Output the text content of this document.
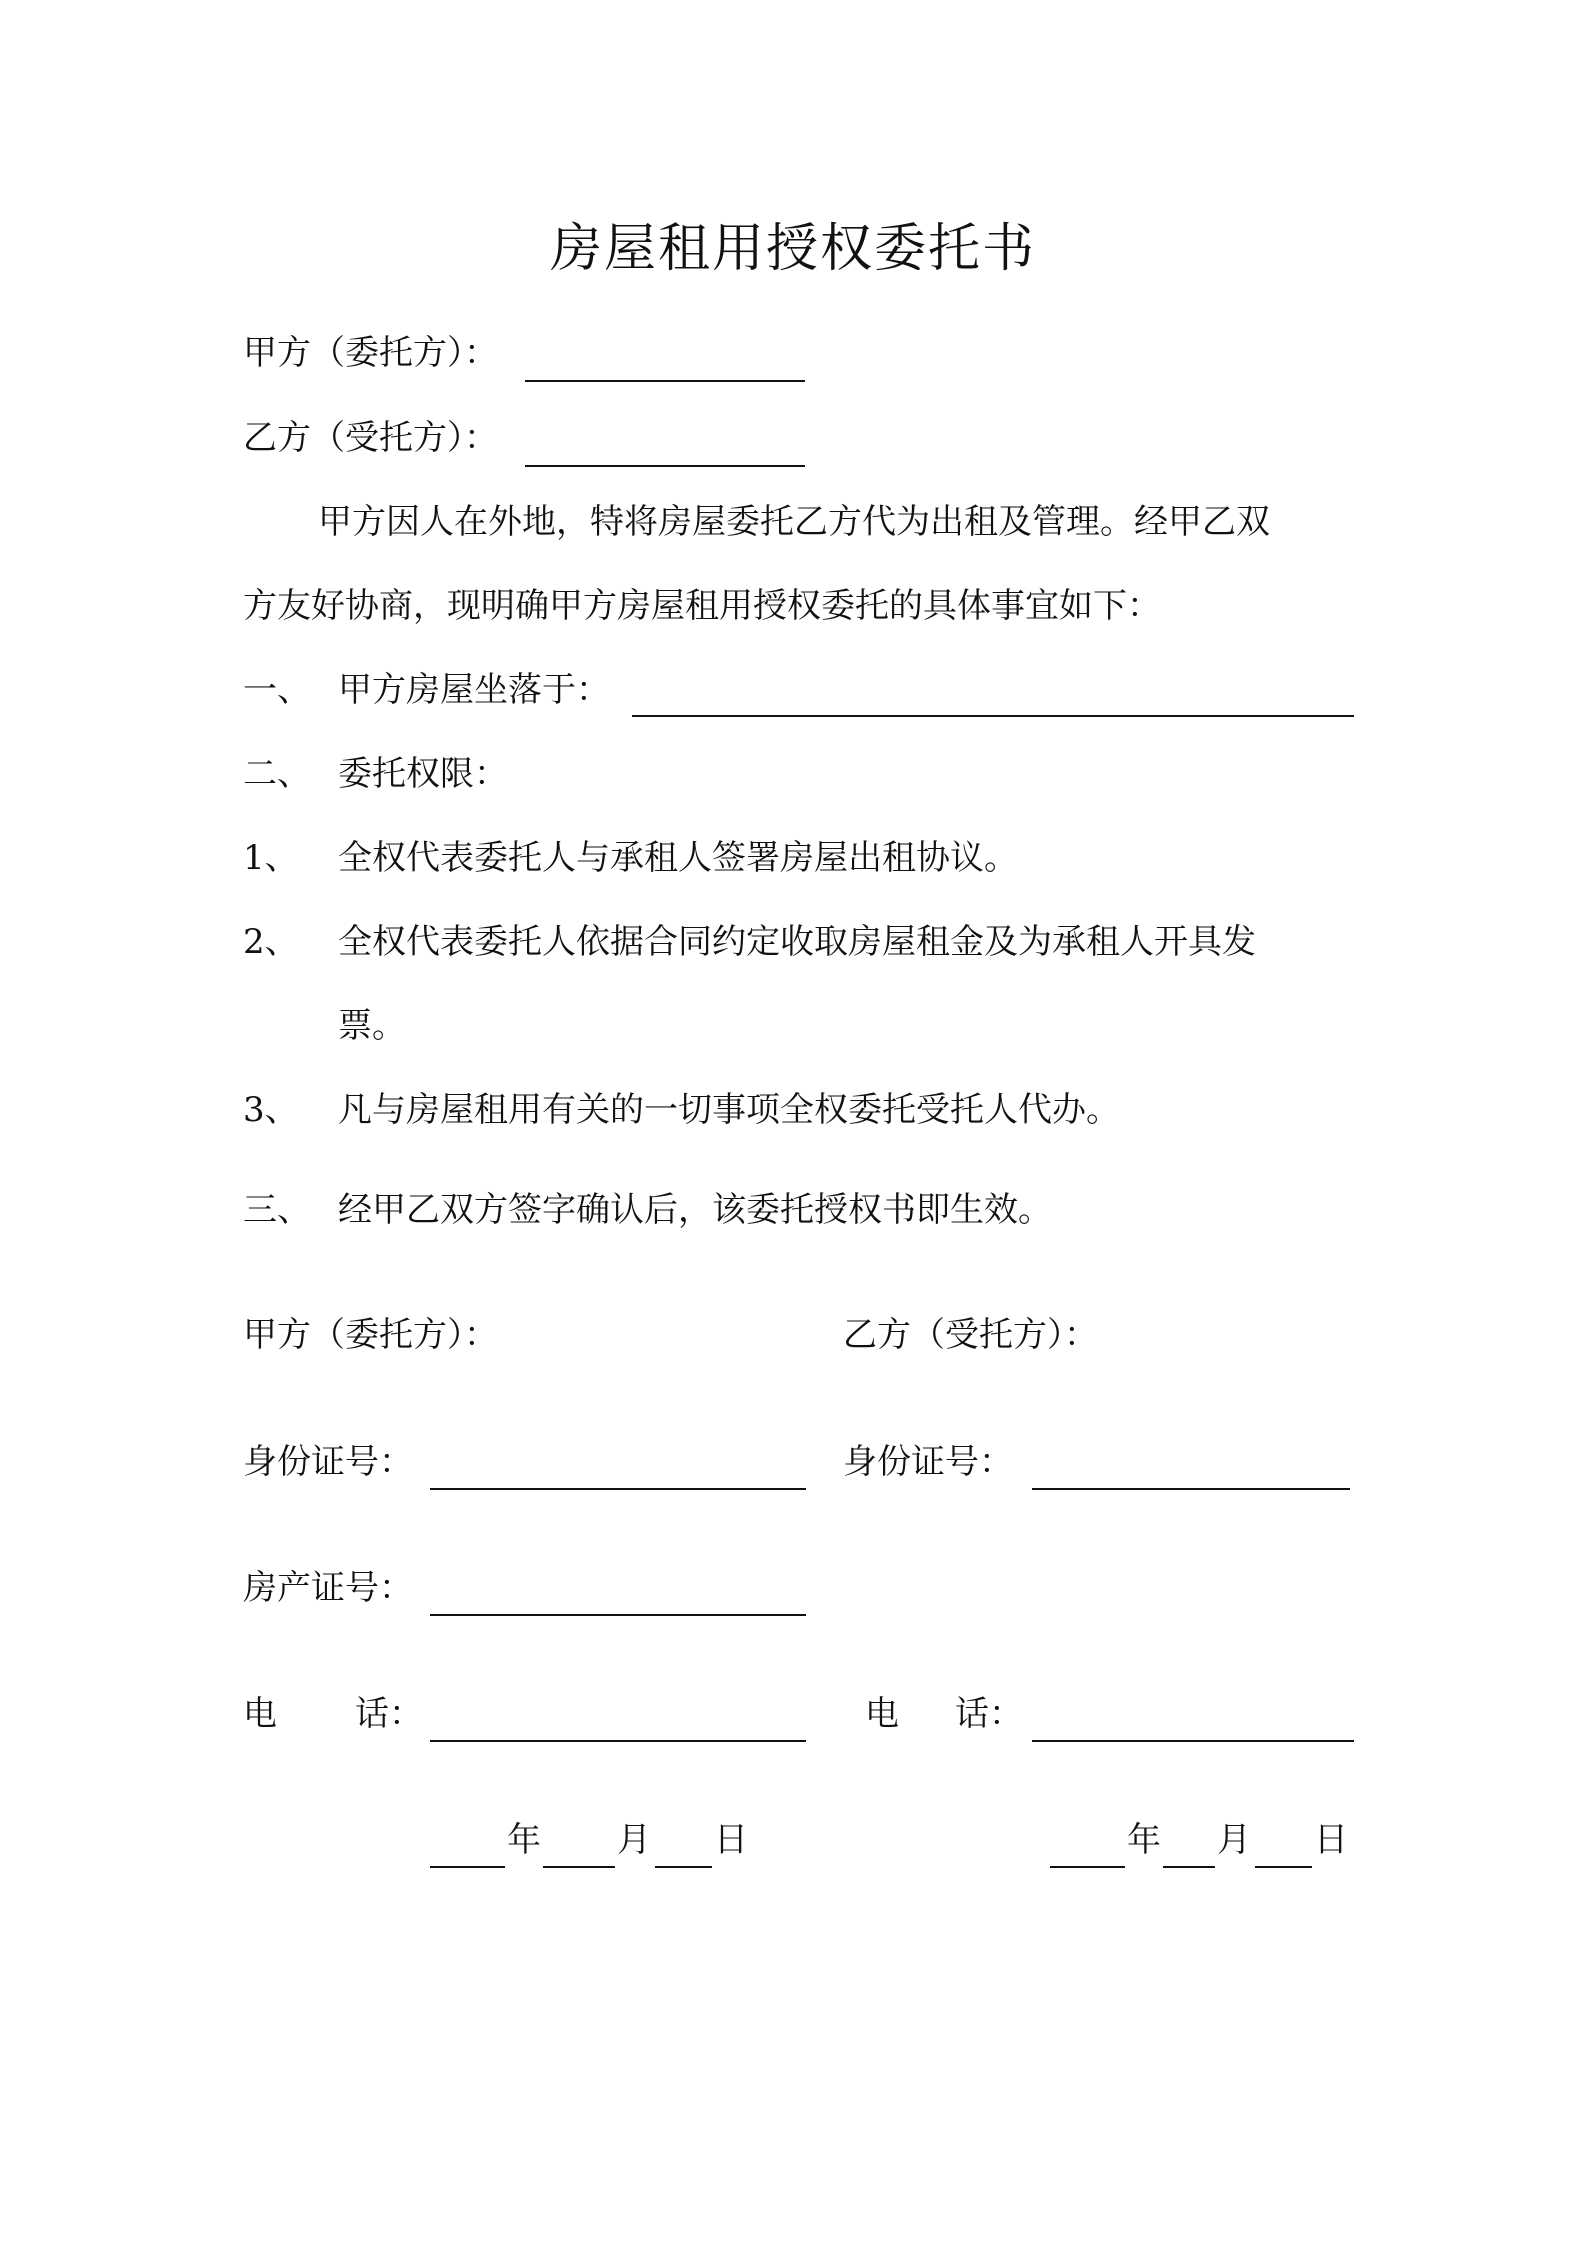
房屋租用授权委托书
甲方（委托方）：
乙方（受托方）：
甲方因人在外地，特将房屋委托乙方代为出租及管理。经甲乙双
方友好协商，现明确甲方房屋租用授权委托的具体事宜如下：
一、 甲方房屋坐落于：
二、 委托权限：
1、 全权代表委托人与承租人签署房屋出租协议。
2、 全权代表委托人依据合同约定收取房屋租金及为承租人开具发
票。
3、 凡与房屋租用有关的一切事项全权委托受托人代办。
三、 经甲乙双方签字确认后，该委托授权书即生效。
甲方（委托方）：
身份证号：
房产证号：
电 话：
乙方（受托方）：
身份证号：
电 话：
年 月 日	年 月 日
